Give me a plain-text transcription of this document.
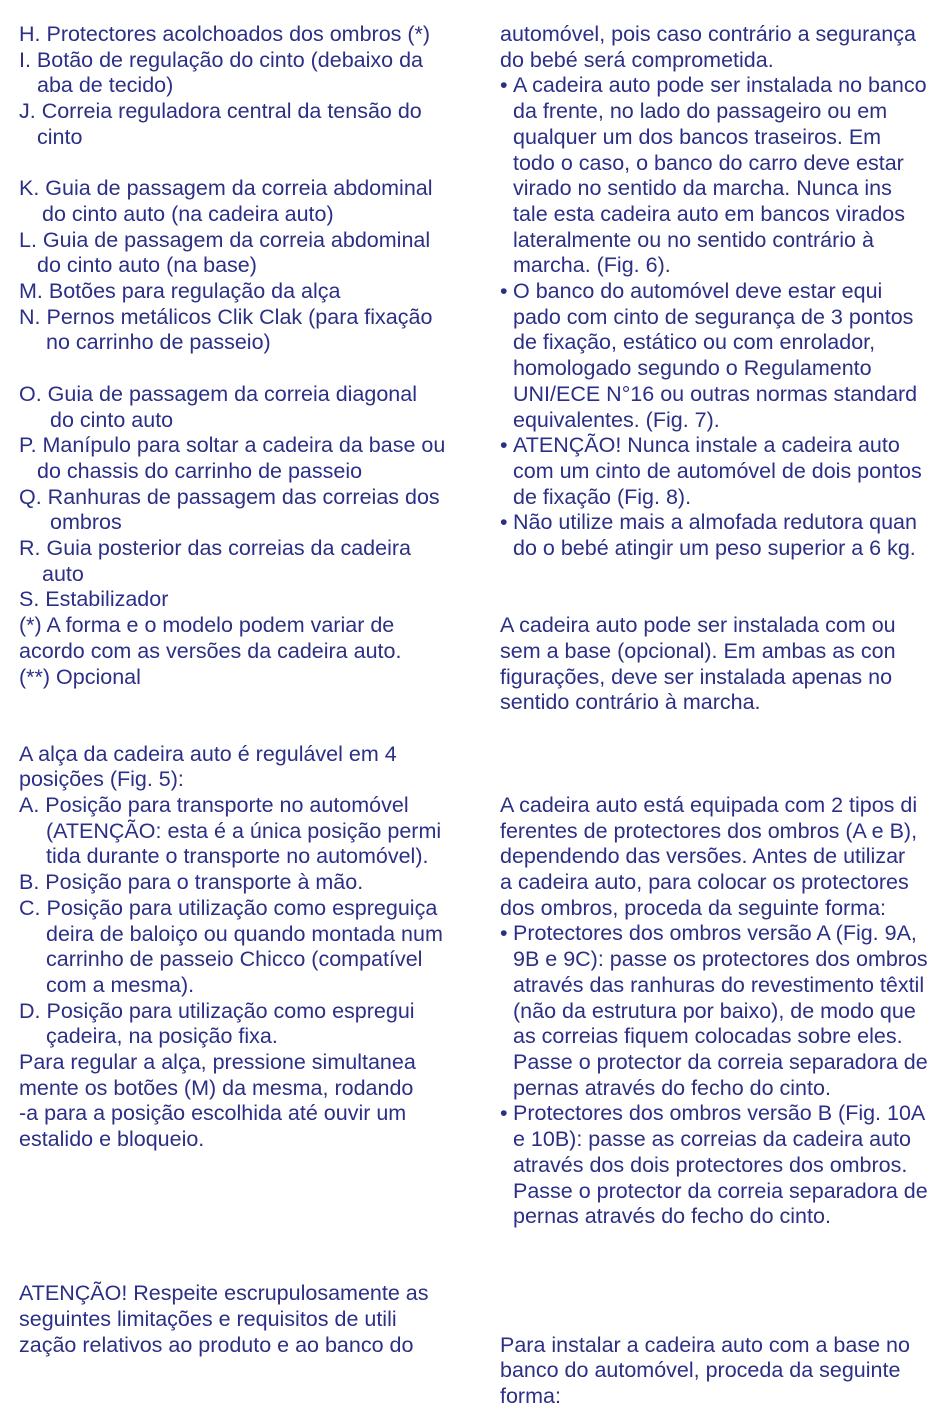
H. Protectores acolchoados dos ombros (*)
I. Botão de regulação do cinto (debaixo da
aba de tecido)
J. Correia reguladora central da tensão do
cinto
K. Guia de passagem da correia abdominal
do cinto auto (na cadeira auto)
L. Guia de passagem da correia abdominal
do cinto auto (na base)
M. Botões para regulação da alça
N. Pernos metálicos Clik Clak (para fixação
no carrinho de passeio)
O. Guia de passagem da correia diagonal
do cinto auto
P. Manípulo para soltar a cadeira da base ou
do chassis do carrinho de passeio
Q. Ranhuras de passagem das correias dos
ombros
R. Guia posterior das correias da cadeira
auto
S. Estabilizador
(*) A forma e o modelo podem variar de
acordo com as versões da cadeira auto.
(**) Opcional
A alça da cadeira auto é regulável em 4
posições (Fig. 5):
A. Posição para transporte no automóvel
(ATENÇÃO: esta é a única posição permi
tida durante o transporte no automóvel).
B. Posição para o transporte à mão.
C. Posição para utilização como espreguiça
deira de baloiço ou quando montada num
carrinho de passeio Chicco (compatível
com a mesma).
D. Posição para utilização como espregui
çadeira, na posição fixa.
Para regular a alça, pressione simultanea
mente os botões (M) da mesma, rodando
-a para a posição escolhida até ouvir um
estalido e bloqueio.
ATENÇÃO! Respeite escrupulosamente as
seguintes limitações e requisitos de utili
zação relativos ao produto e ao banco do
automóvel, pois caso contrário a segurança
do bebé será comprometida.
• A cadeira auto pode ser instalada no banco
da frente, no lado do passageiro ou em
qualquer um dos bancos traseiros. Em
todo o caso, o banco do carro deve estar
virado no sentido da marcha. Nunca ins
tale esta cadeira auto em bancos virados
lateralmente ou no sentido contrário à
marcha. (Fig. 6).
• O banco do automóvel deve estar equi
pado com cinto de segurança de 3 pontos
de fixação, estático ou com enrolador,
homologado segundo o Regulamento
UNI/ECE N°16 ou outras normas standard
equivalentes. (Fig. 7).
• ATENÇÃO! Nunca instale a cadeira auto
com um cinto de automóvel de dois pontos
de fixação (Fig. 8).
• Não utilize mais a almofada redutora quan
do o bebé atingir um peso superior a 6 kg.
A cadeira auto pode ser instalada com ou
sem a base (opcional). Em ambas as con
figurações, deve ser instalada apenas no
sentido contrário à marcha.
A cadeira auto está equipada com 2 tipos di
ferentes de protectores dos ombros (A e B),
dependendo das versões. Antes de utilizar
a cadeira auto, para colocar os protectores
dos ombros, proceda da seguinte forma:
• Protectores dos ombros versão A (Fig. 9A,
9B e 9C): passe os protectores dos ombros
através das ranhuras do revestimento têxtil
(não da estrutura por baixo), de modo que
as correias fiquem colocadas sobre eles.
Passe o protector da correia separadora de
pernas através do fecho do cinto.
• Protectores dos ombros versão B (Fig. 10A
e 10B): passe as correias da cadeira auto
através dos dois protectores dos ombros.
Passe o protector da correia separadora de
pernas através do fecho do cinto.
Para instalar a cadeira auto com a base no
banco do automóvel, proceda da seguinte
forma:
